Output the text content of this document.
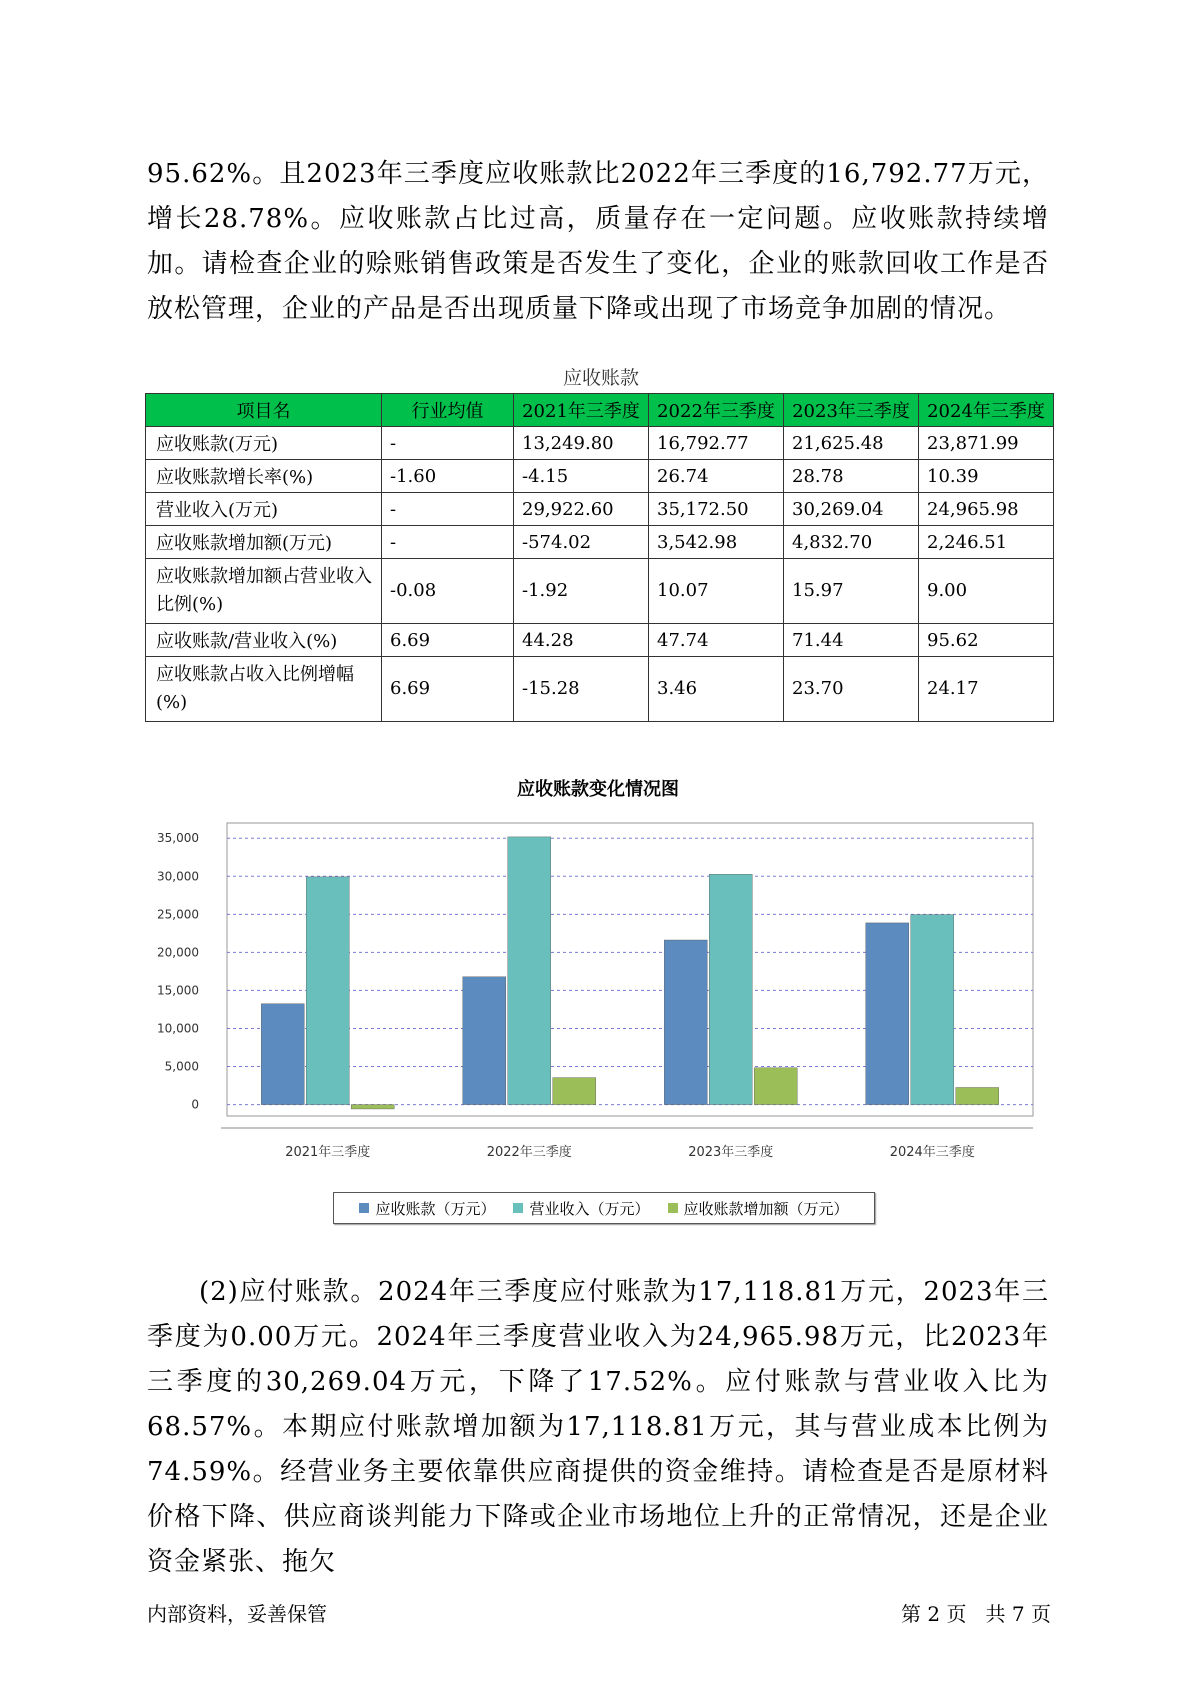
95.62%。且2023年三季度应收账款比2022年三季度的16,792.77万元，增长28.78%。应收账款占比过高，质量存在一定问题。应收账款持续增加。请检查企业的赊账销售政策是否发生了变化，企业的账款回收工作是否放松管理，企业的产品是否出现质量下降或出现了市场竞争加剧的情况。

应收账款
项目名	行业均值	2021年三季度	2022年三季度	2023年三季度	2024年三季度
应收账款(万元)	-	13,249.80	16,792.77	21,625.48	23,871.99
应收账款增长率(%)	-1.60	-4.15	26.74	28.78	10.39
营业收入(万元)	-	29,922.60	35,172.50	30,269.04	24,965.98
应收账款增加额(万元)	-	-574.02	3,542.98	4,832.70	2,246.51
应收账款增加额占营业收入比例(%)	-0.08	-1.92	10.07	15.97	9.00
应收账款/营业收入(%)	6.69	44.28	47.74	71.44	95.62
应收账款占收入比例增幅(%)	6.69	-15.28	3.46	23.70	24.17
0
5,000
10,000
15,000
20,000
25,000
30,000
35,000
2021年三季度	2022年三季度	2023年三季度	2024年三季度
应收账款变化情况图
应收账款（万元） 营业收入（万元） 应收账款增加额（万元）

(2)应付账款。2024年三季度应付账款为17,118.81万元，2023年三季度为0.00万元。2024年三季度营业收入为24,965.98万元，比2023年三季度的30,269.04万元，下降了17.52%。应付账款与营业收入比为68.57%。本期应付账款增加额为17,118.81万元，其与营业成本比例为74.59%。经营业务主要依靠供应商提供的资金维持。请检查是否是原材料价格下降、供应商谈判能力下降或企业市场地位上升的正常情况，还是企业资金紧张、拖欠

内部资料，妥善保管	第 2 页   共 7 页
